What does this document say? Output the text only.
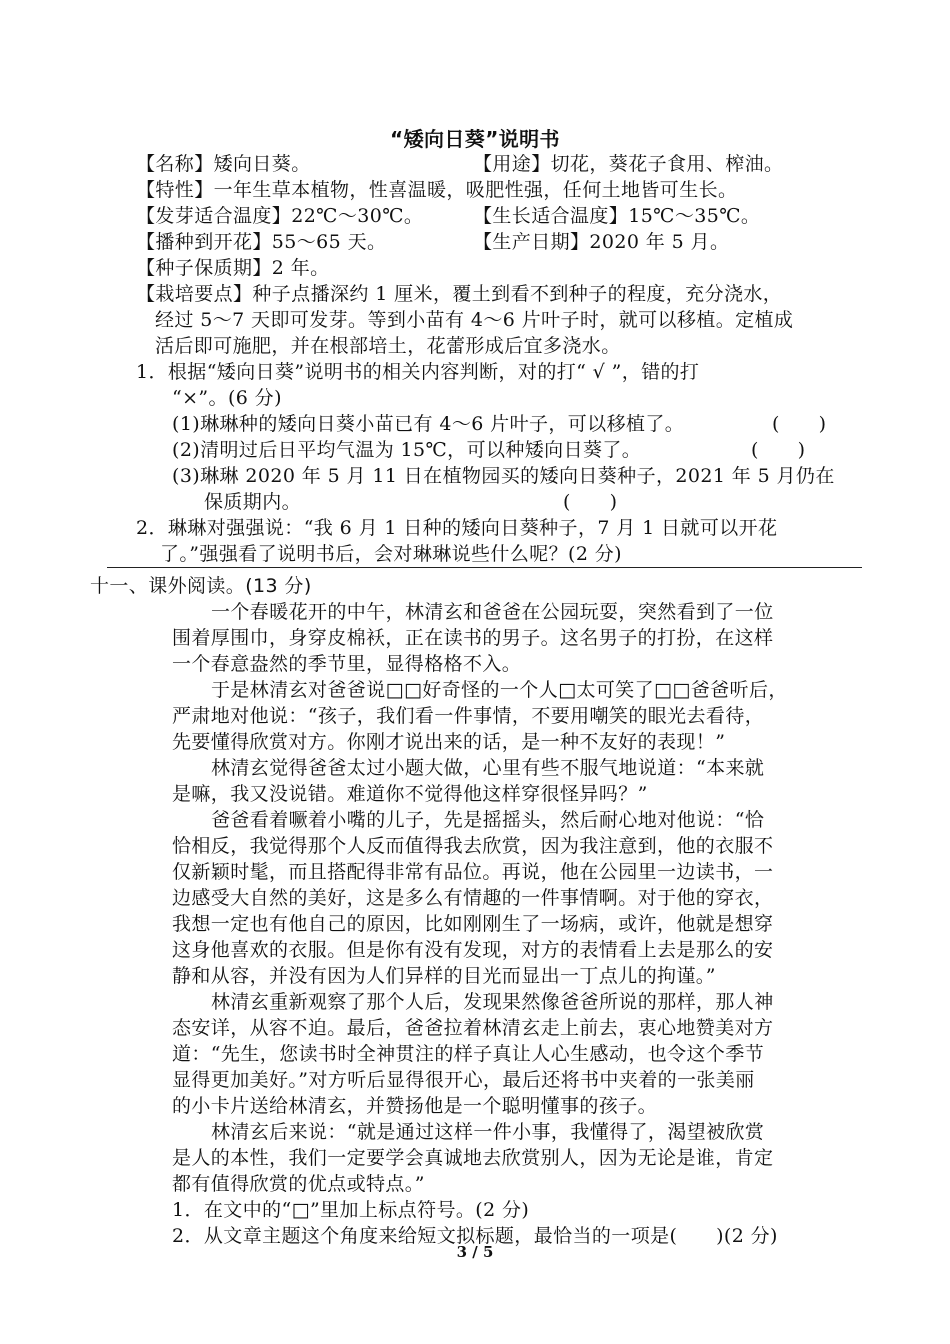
“矮向日葵”说明书
【名称】矮向日葵。	【用途】切花，葵花子食用、榨油。
【特性】一年生草本植物，性喜温暖，吸肥性强，任何土地皆可生长。
【发芽适合温度】22℃～30℃。	【生长适合温度】15℃～35℃。
【播种到开花】55～65 天。	【生产日期】2020 年 5 月。
【种子保质期】2 年。
【栽培要点】种子点播深约 1 厘米，覆土到看不到种子的程度，充分浇水，
经过 5～7 天即可发芽。等到小苗有 4～6 片叶子时，就可以移植。定植成
活后即可施肥，并在根部培土，花蕾形成后宜多浇水。
1．根据“矮向日葵”说明书的相关内容判断，对的打“ √ ”，错的打
“×”。(6 分)
(1)琳琳种的矮向日葵小苗已有 4～6 片叶子，可以移植了。	(　　)
(2)清明过后日平均气温为 15℃，可以种矮向日葵了。	(　　)
(3)琳琳 2020 年 5 月 11 日在植物园买的矮向日葵种子，2021 年 5 月仍在
保质期内。	(　　)
2．琳琳对强强说：“我 6 月 1 日种的矮向日葵种子，7 月 1 日就可以开花
了。”强强看了说明书后，会对琳琳说些什么呢？(2 分)
十一、课外阅读。(13 分)
一个春暖花开的中午，林清玄和爸爸在公园玩耍，突然看到了一位
围着厚围巾，身穿皮棉袄，正在读书的男子。这名男子的打扮，在这样
一个春意盎然的季节里，显得格格不入。
于是林清玄对爸爸说□□好奇怪的一个人□太可笑了□□爸爸听后，
严肃地对他说：“孩子，我们看一件事情，不要用嘲笑的眼光去看待，
先要懂得欣赏对方。你刚才说出来的话，是一种不友好的表现！”
林清玄觉得爸爸太过小题大做，心里有些不服气地说道：“本来就
是嘛，我又没说错。难道你不觉得他这样穿很怪异吗？”
爸爸看着噘着小嘴的儿子，先是摇摇头，然后耐心地对他说：“恰
恰相反，我觉得那个人反而值得我去欣赏，因为我注意到，他的衣服不
仅新颖时髦，而且搭配得非常有品位。再说，他在公园里一边读书，一
边感受大自然的美好，这是多么有情趣的一件事情啊。对于他的穿衣，
我想一定也有他自己的原因，比如刚刚生了一场病，或许，他就是想穿
这身他喜欢的衣服。但是你有没有发现，对方的表情看上去是那么的安
静和从容，并没有因为人们异样的目光而显出一丁点儿的拘谨。”
林清玄重新观察了那个人后，发现果然像爸爸所说的那样，那人神
态安详，从容不迫。最后，爸爸拉着林清玄走上前去，衷心地赞美对方
道：“先生，您读书时全神贯注的样子真让人心生感动，也令这个季节
显得更加美好。”对方听后显得很开心，最后还将书中夹着的一张美丽
的小卡片送给林清玄，并赞扬他是一个聪明懂事的孩子。
林清玄后来说：“就是通过这样一件小事，我懂得了，渴望被欣赏
是人的本性，我们一定要学会真诚地去欣赏别人，因为无论是谁，肯定
都有值得欣赏的优点或特点。”
1．在文中的“□”里加上标点符号。(2 分)
2．从文章主题这个角度来给短文拟标题，最恰当的一项是(　　)(2 分)
3 / 5
